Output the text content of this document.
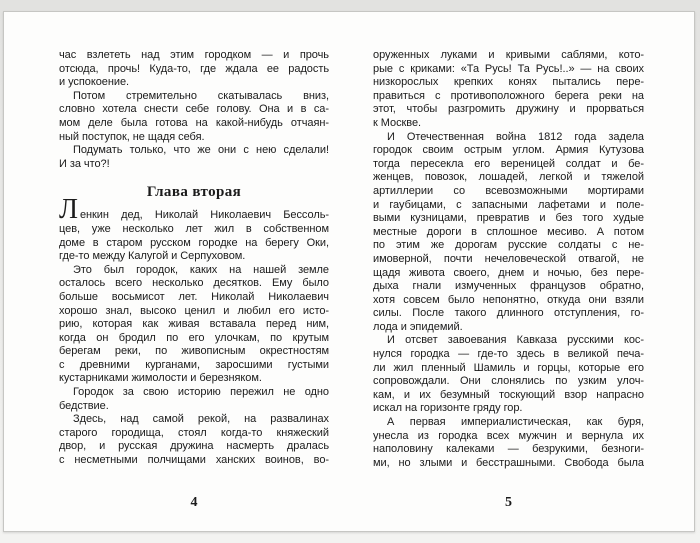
час взлететь над этим городком — и прочь
отсюда, прочь! Куда-то, где ждала ее радость
и успокоение.
Потом стремительно скатывалась вниз,
словно хотела снести себе голову. Она и в са-
мом деле была готова на какой-нибудь отчаян-
ный поступок, не щадя себя.
Подумать только, что же они с нею сделали!
И за что?!
Глава вторая
Ленкин дед, Николай Николаевич Бессоль-
цев, уже несколько лет жил в собственном
доме в старом русском городке на берегу Оки,
где-то между Калугой и Серпуховом.
Это был городок, каких на нашей земле
осталось всего несколько десятков. Ему было
больше восьмисот лет. Николай Николаевич
хорошо знал, высоко ценил и любил его исто-
рию, которая как живая вставала перед ним,
когда он бродил по его улочкам, по крутым
берегам реки, по живописным окрестностям
с древними курганами, заросшими густыми
кустарниками жимолости и березняком.
Городок за свою историю пережил не одно
бедствие.
Здесь, над самой рекой, на развалинах
старого городища, стоял когда-то княжеский
двор, и русская дружина насмерть дралась
с несметными полчищами ханских воинов, во-
оруженных луками и кривыми саблями, кото-
рые с криками: «Та Русь! Та Русь!..» — на своих
низкорослых крепких конях пытались пере-
правиться с противоположного берега реки на
этот, чтобы разгромить дружину и прорваться
к Москве.
И Отечественная война 1812 года задела
городок своим острым углом. Армия Кутузова
тогда пересекла его вереницей солдат и бе-
женцев, повозок, лошадей, легкой и тяжелой
артиллерии со всевозможными мортирами
и гаубицами, с запасными лафетами и поле-
выми кузницами, превратив и без того худые
местные дороги в сплошное месиво. А потом
по этим же дорогам русские солдаты с не-
имоверной, почти нечеловеческой отвагой, не
щадя живота своего, днем и ночью, без пере-
дыха гнали измученных французов обратно,
хотя совсем было непонятно, откуда они взяли
силы. После такого длинного отступления, го-
лода и эпидемий.
И отсвет завоевания Кавказа русскими кос-
нулся городка — где-то здесь в великой печа-
ли жил пленный Шамиль и горцы, которые его
сопровождали. Они слонялись по узким улоч-
кам, и их безумный тоскующий взор напрасно
искал на горизонте гряду гор.
А первая империалистическая, как буря,
унесла из городка всех мужчин и вернула их
наполовину калеками — безрукими, безноги-
ми, но злыми и бесстрашными. Свобода была
4	5
